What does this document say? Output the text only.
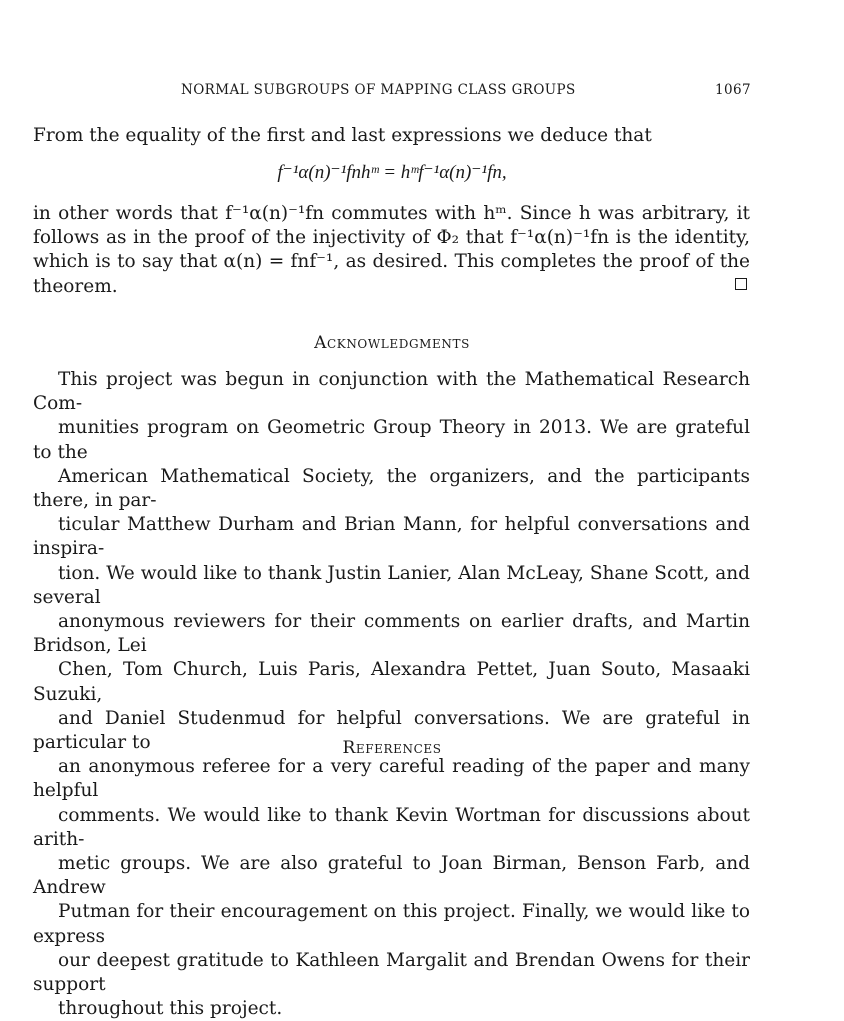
NORMAL SUBGROUPS OF MAPPING CLASS GROUPS	1067
From the equality of the first and last expressions we deduce that
f⁻¹α(n)⁻¹fnhᵐ = hᵐf⁻¹α(n)⁻¹fn,
in other words that f⁻¹α(n)⁻¹fn commutes with hᵐ. Since h was arbitrary, it follows as in the proof of the injectivity of Φ₂ that f⁻¹α(n)⁻¹fn is the identity, which is to say that α(n) = fnf⁻¹, as desired. This completes the proof of the theorem.
Acknowledgments
This project was begun in conjunction with the Mathematical Research Com-
munities program on Geometric Group Theory in 2013. We are grateful to the
American Mathematical Society, the organizers, and the participants there, in par-
ticular Matthew Durham and Brian Mann, for helpful conversations and inspira-
tion. We would like to thank Justin Lanier, Alan McLeay, Shane Scott, and several
anonymous reviewers for their comments on earlier drafts, and Martin Bridson, Lei
Chen, Tom Church, Luis Paris, Alexandra Pettet, Juan Souto, Masaaki Suzuki,
and Daniel Studenmud for helpful conversations. We are grateful in particular to
an anonymous referee for a very careful reading of the paper and many helpful
comments. We would like to thank Kevin Wortman for discussions about arith-
metic groups. We are also grateful to Joan Birman, Benson Farb, and Andrew
Putman for their encouragement on this project. Finally, we would like to express
our deepest gratitude to Kathleen Margalit and Brendan Owens for their support
throughout this project.
References
